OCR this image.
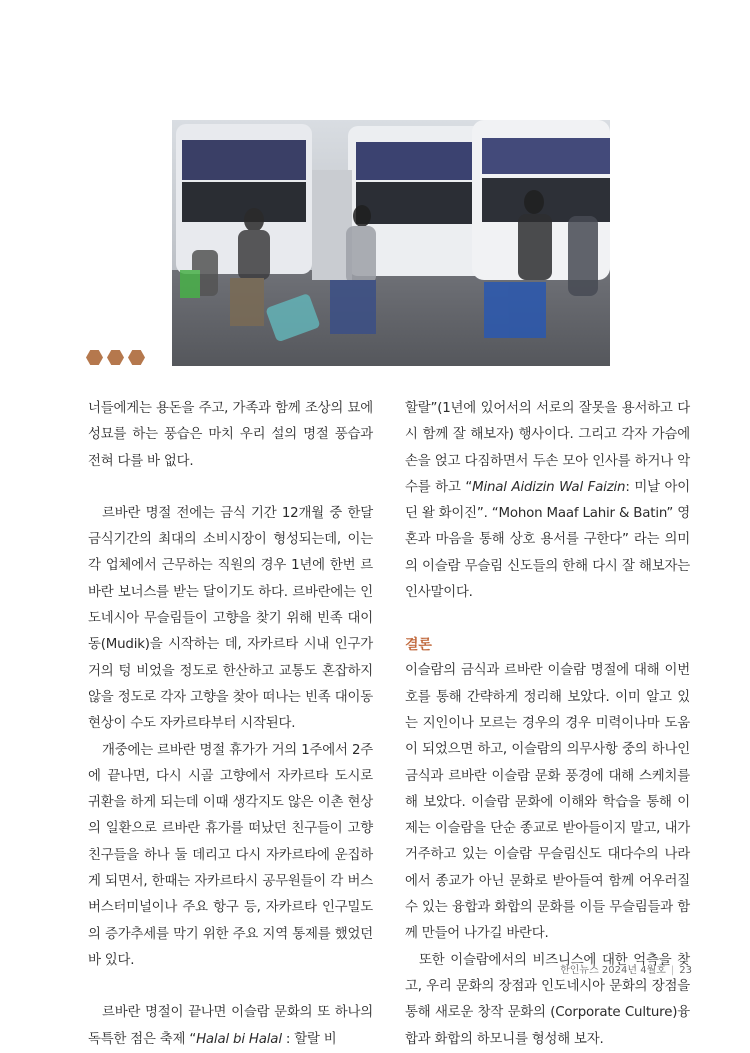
너들에게는 용돈을 주고, 가족과 함께 조상의 묘에 성묘를 하는 풍습은 마치 우리 설의 명절 풍습과 전혀 다를 바 없다.

르바란 명절 전에는 금식 기간 12개월 중 한달 금식기간의 최대의 소비시장이 형성되는데, 이는 각 업체에서 근무하는 직원의 경우 1년에 한번 르바란 보너스를 받는 달이기도 하다. 르바란에는 인도네시아 무슬림들이 고향을 찾기 위해 빈족 대이동(Mudik)을 시작하는 데, 자카르타 시내 인구가 거의 텅 비었을 정도로 한산하고 교통도 혼잡하지 않을 정도로 각자 고향을 찾아 떠나는 빈족 대이동 현상이 수도 자카르타부터 시작된다.

개중에는 르바란 명절 휴가가 거의 1주에서 2주에 끝나면, 다시 시골 고향에서 자카르타 도시로 귀환을 하게 되는데 이때 생각지도 않은 이촌 현상의 일환으로 르바란 휴가를 떠났던 친구들이 고향 친구들을 하나 둘 데리고 다시 자카르타에 운집하게 되면서, 한때는 자카르타시 공무원들이 각 버스 버스터미널이나 주요 항구 등, 자카르타 인구밀도의 증가추세를 막기 위한 주요 지역 통제를 했었던 바 있다.

르바란 명절이 끝나면 이슬람 문화의 또 하나의 독특한 점은 축제 “Halal bi Halal : 할랄 비

할랄”(1년에 있어서의 서로의 잘못을 용서하고 다시 함께 잘 해보자) 행사이다. 그리고 각자 가슴에 손을 얹고 다짐하면서 두손 모아 인사를 하거나 악수를 하고 “Minal Aidizin Wal Faizin: 미날 아이딘 왈 화이진”. “Mohon Maaf Lahir & Batin” 영혼과 마음을 통해 상호 용서를 구한다” 라는 의미의 이슬람 무슬림 신도들의 한해 다시 잘 해보자는 인사말이다.

결론

이슬람의 금식과 르바란 이슬람 명절에 대해 이번호를 통해 간략하게 정리해 보았다. 이미 알고 있는 지인이나 모르는 경우의 경우 미력이나마 도움이 되었으면 하고, 이슬람의 의무사항 중의 하나인 금식과 르바란 이슬람 문화 풍경에 대해 스케치를 해 보았다. 이슬람 문화에 이해와 학습을 통해 이제는 이슬람을 단순 종교로 받아들이지 말고, 내가 거주하고 있는 이슬람 무슬림신도 대다수의 나라에서 종교가 아닌 문화로 받아들여 함께 어우러질 수 있는 융합과 화합의 문화를 이들 무슬림들과 함께 만들어 나가길 바란다.

또한 이슬람에서의 비즈니스에 대한 억측을 찾고, 우리 문화의 장점과 인도네시아 문화의 장점을 통해 새로운 창작 문화의 (Corporate Culture)융합과 화합의 하모니를 형성해 보자.

한인뉴스 2024년 4월호 | 23
